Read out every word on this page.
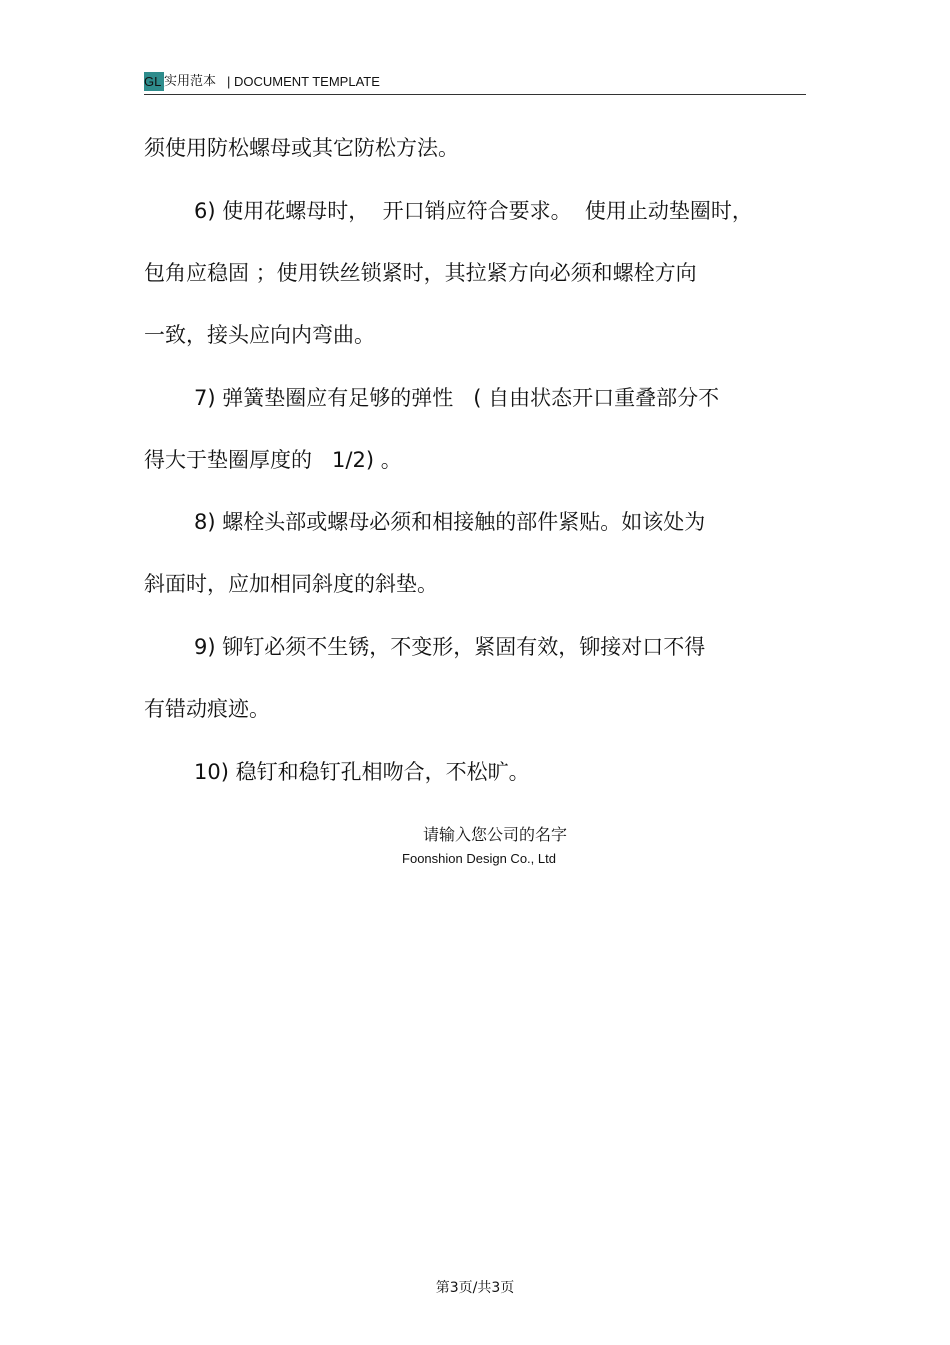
GL 实用范本 | DOCUMENT TEMPLATE
须使用防松螺母或其它防松方法。
6) 使用花螺母时，  开口销应符合要求。  使用止动垫圈时，
包角应稳固 ；使用铁丝锁紧时，其拉紧方向必须和螺栓方向
一致，接头应向内弯曲。
7) 弹簧垫圈应有足够的弹性   ( 自由状态开口重叠部分不
得大于垫圈厚度的   1/2) 。
8) 螺栓头部或螺母必须和相接触的部件紧贴。如该处为
斜面时，应加相同斜度的斜垫。
9) 铆钉必须不生锈，不变形，紧固有效，铆接对口不得
有错动痕迹。
10) 稳钉和稳钉孔相吻合，不松旷。
请输入您公司的名字
Foonshion Design Co., Ltd
第3页/共3页
